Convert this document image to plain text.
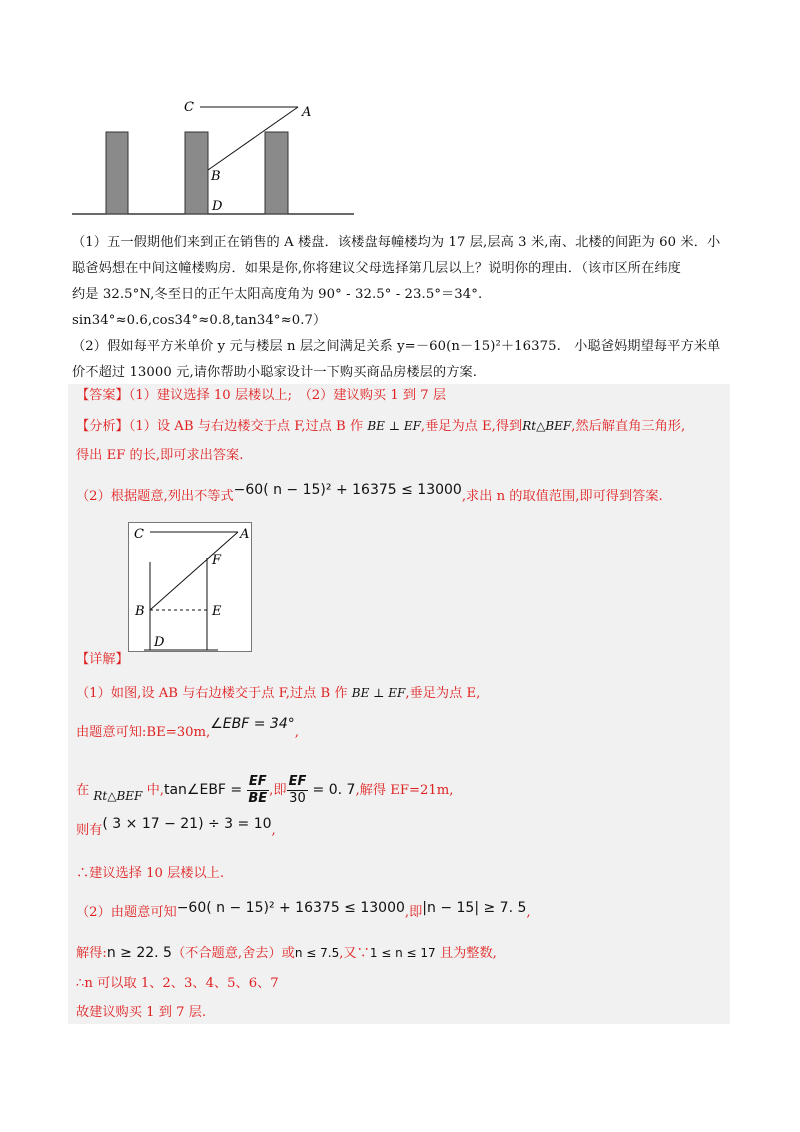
C	A
B
D
（1）五一假期他们来到正在销售的 A 楼盘．该楼盘每幢楼均为 17 层,层高 3 米,南、北楼的间距为 60 米．小
聪爸妈想在中间这幢楼购房．如果是你,你将建议父母选择第几层以上？说明你的理由．（该市区所在纬度
约是 32.5°N,冬至日的正午太阳高度角为 90° - 32.5° - 23.5°＝34°.　sin34°≈0.6,cos34°≈0.8,tan34°≈0.7）
（2）假如每平方米单价 y 元与楼层 n 层之间满足关系 y=－60(n－15)²＋16375.　小聪爸妈期望每平方米单
价不超过 13000 元,请你帮助小聪家设计一下购买商品房楼层的方案.
【答案】（1）建议选择 10 层楼以上;　（2）建议购买 1 到 7 层
【分析】（1）设 AB 与右边楼交于点 F,过点 B 作 BE ⊥ EF,垂足为点 E,得到Rt△BEF,然后解直角三角形,
得出 EF 的长,即可求出答案.
（2）根据题意,列出不等式−60( n − 15)² + 16375 ≤ 13000,求出 n 的取值范围,即可得到答案.
C	A
F
B	E
D
【详解】
（1）如图,设 AB 与右边楼交于点 F,过点 B 作 BE ⊥ EF,垂足为点 E,
由题意可知:BE=30m,∠EBF = 34°,
在 Rt△BEF 中,tan∠EBF = $\frac{EF}{BE}$ ,即 $\frac{EF}{30} = 0$. 7,解得 EF=21m,
则有( 3 × 17 − 21) ÷ 3 = 10,
∴建议选择 10 层楼以上.
（2）由题意可知−60( n − 15)² + 16375 ≤ 13000,即|n − 15| ≥ 7. 5,
解得:n ≥ 22. 5（不合题意,舍去）或n ≤ 7.5,又∵1 ≤ n ≤ 17 且为整数,
∴n 可以取 1、2、3、4、5、6、7
故建议购买 1 到 7 层.
